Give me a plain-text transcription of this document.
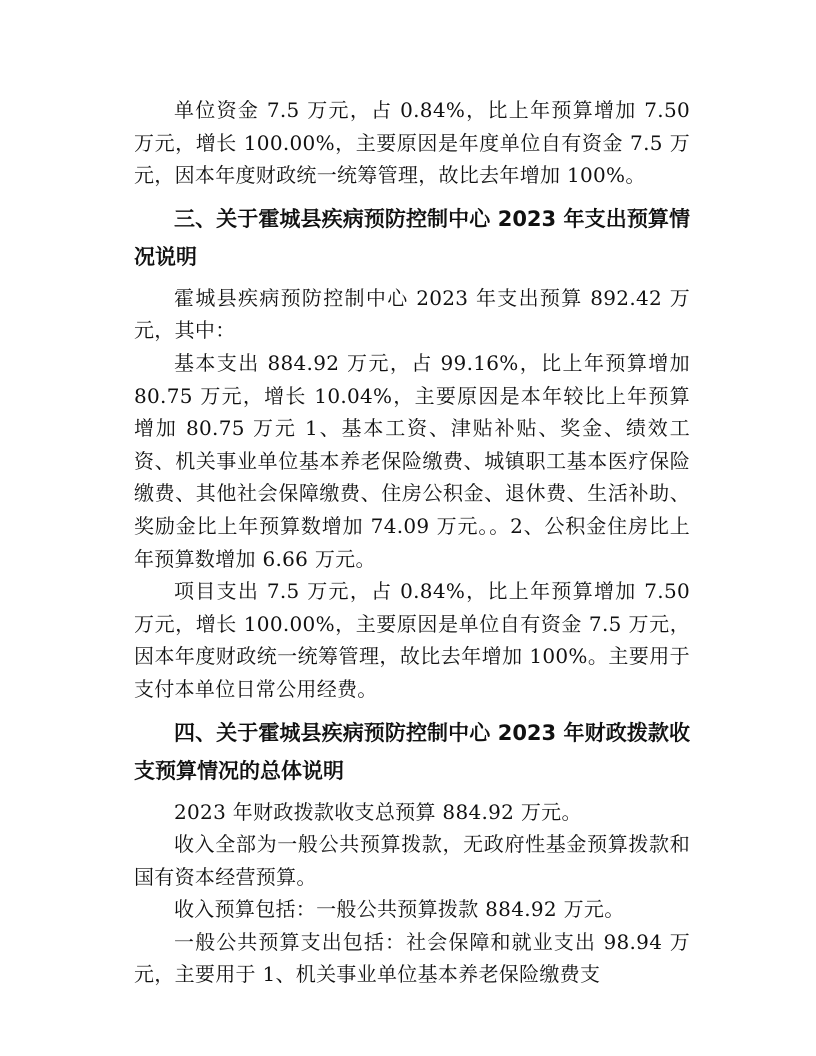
单位资金 7.5 万元，占 0.84%，比上年预算增加 7.50 万元，增长 100.00%，主要原因是年度单位自有资金 7.5 万元，因本年度财政统一统筹管理，故比去年增加 100%。

三、关于霍城县疾病预防控制中心 2023 年支出预算情况说明

霍城县疾病预防控制中心 2023 年支出预算 892.42 万元，其中：

基本支出 884.92 万元，占 99.16%，比上年预算增加 80.75 万元，增长 10.04%，主要原因是本年较比上年预算增加 80.75 万元 1、基本工资、津贴补贴、奖金、绩效工资、机关事业单位基本养老保险缴费、城镇职工基本医疗保险缴费、其他社会保障缴费、住房公积金、退休费、生活补助、奖励金比上年预算数增加 74.09 万元。。2、公积金住房比上年预算数增加 6.66 万元。

项目支出 7.5 万元，占 0.84%，比上年预算增加 7.50 万元，增长 100.00%，主要原因是单位自有资金 7.5 万元，因本年度财政统一统筹管理，故比去年增加 100%。主要用于支付本单位日常公用经费。

四、关于霍城县疾病预防控制中心 2023 年财政拨款收支预算情况的总体说明

2023 年财政拨款收支总预算 884.92 万元。

收入全部为一般公共预算拨款，无政府性基金预算拨款和国有资本经营预算。

收入预算包括：一般公共预算拨款 884.92 万元。

一般公共预算支出包括：社会保障和就业支出 98.94 万元，主要用于 1、机关事业单位基本养老保险缴费支
